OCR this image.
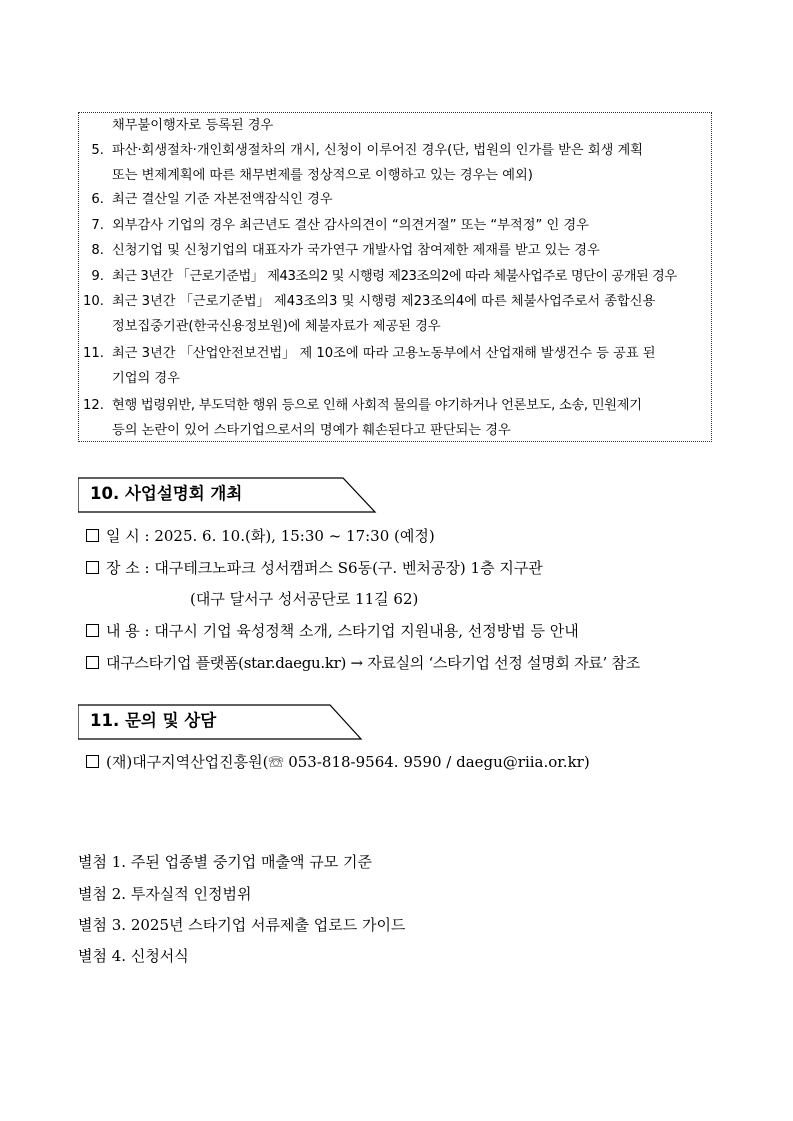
채무불이행자로 등록된 경우
5. 파산·회생절차·개인회생절차의 개시, 신청이 이루어진 경우(단, 법원의 인가를 받은 회생 계획
또는 변제계획에 따른 채무변제를 정상적으로 이행하고 있는 경우는 예외)
6. 최근 결산일 기준 자본전액잠식인 경우
7. 외부감사 기업의 경우 최근년도 결산 감사의견이 “의견거절” 또는 “부적정” 인 경우
8. 신청기업 및 신청기업의 대표자가 국가연구 개발사업 참여제한 제재를 받고 있는 경우
9. 최근 3년간 「근로기준법」 제43조의2 및 시행령 제23조의2에 따라 체불사업주로 명단이 공개된 경우
10. 최근 3년간 「근로기준법」 제43조의3 및 시행령 제23조의4에 따른 체불사업주로서 종합신용
정보집중기관(한국신용정보원)에 체불자료가 제공된 경우
11. 최근 3년간 「산업안전보건법」 제 10조에 따라 고용노동부에서 산업재해 발생건수 등 공표 된
기업의 경우
12. 현행 법령위반, 부도덕한 행위 등으로 인해 사회적 물의를 야기하거나 언론보도, 소송, 민원제기
등의 논란이 있어 스타기업으로서의 명예가 훼손된다고 판단되는 경우
10. 사업설명회 개최
일 시 : 2025. 6. 10.(화), 15:30 ~ 17:30 (예정)
장 소 : 대구테크노파크 성서캠퍼스 S6동(구. 벤처공장) 1층 지구관
(대구 달서구 성서공단로 11길 62)
내 용 : 대구시 기업 육성정책 소개, 스타기업 지원내용, 선정방법 등 안내
대구스타기업 플랫폼(star.daegu.kr) → 자료실의 ‘스타기업 선정 설명회 자료’ 참조
11. 문의 및 상담
(재)대구지역산업진흥원(☏ 053-818-9564. 9590 / daegu@riia.or.kr)
별첨 1. 주된 업종별 중기업 매출액 규모 기준
별첨 2. 투자실적 인정범위
별첨 3. 2025년 스타기업 서류제출 업로드 가이드
별첨 4. 신청서식
